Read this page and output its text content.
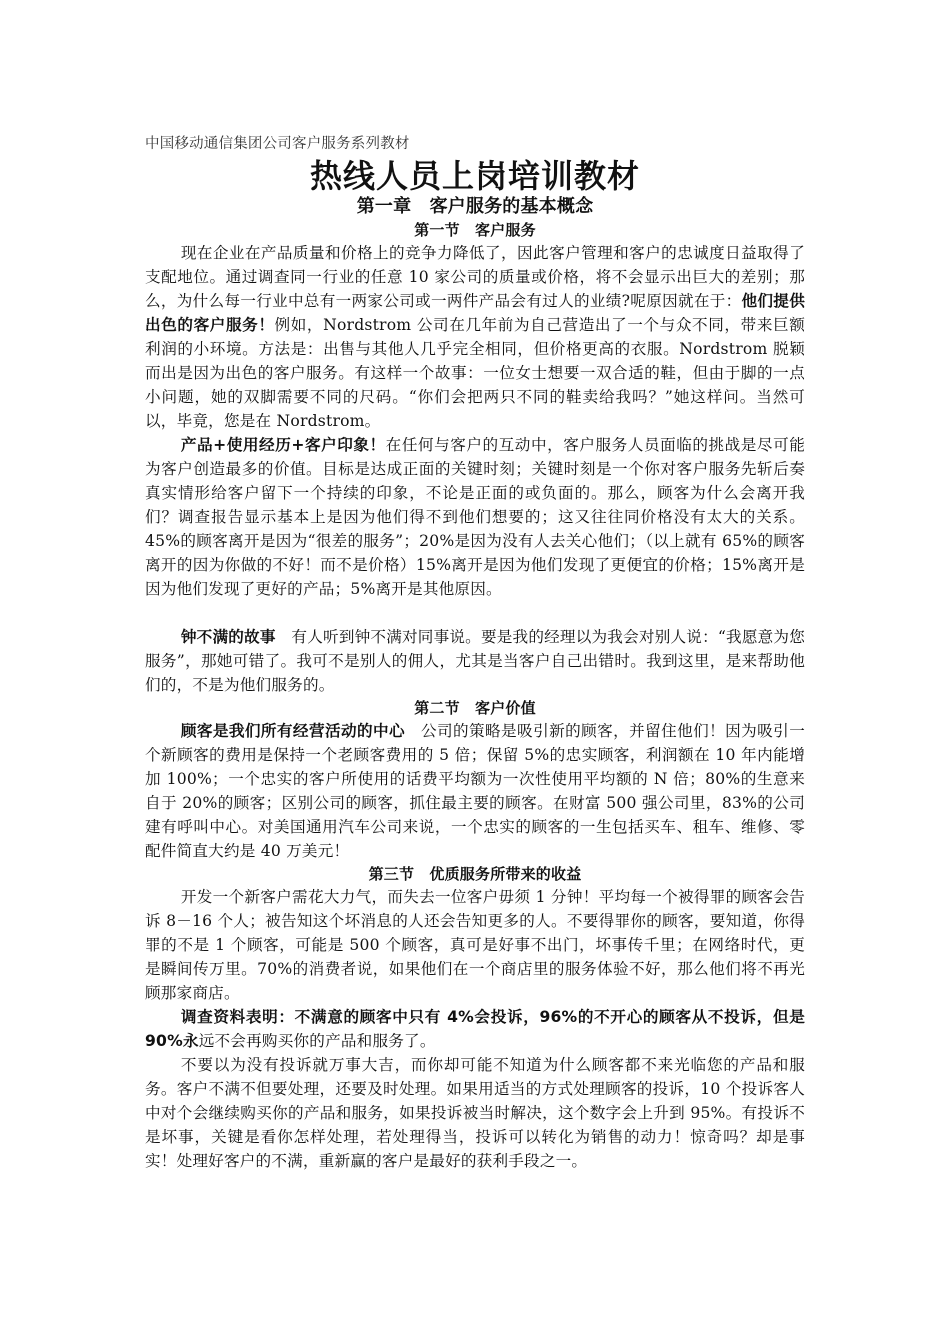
中国移动通信集团公司客户服务系列教材
热线人员上岗培训教材
第一章　客户服务的基本概念
第一节　客户服务

现在企业在产品质量和价格上的竞争力降低了，因此客户管理和客户的忠诚度日益取得了支配地位。通过调查同一行业的任意 10 家公司的质量或价格，将不会显示出巨大的差别；那么，为什么每一行业中总有一两家公司或一两件产品会有过人的业绩?呢原因就在于：他们提供出色的客户服务！例如，Nordstrom 公司在几年前为自己营造出了一个与众不同，带来巨额利润的小环境。方法是：出售与其他人几乎完全相同，但价格更高的衣服。Nordstrom 脱颖而出是因为出色的客户服务。有这样一个故事：一位女士想要一双合适的鞋，但由于脚的一点小问题，她的双脚需要不同的尺码。“你们会把两只不同的鞋卖给我吗？”她这样问。当然可以，毕竟，您是在 Nordstrom。

产品+使用经历+客户印象！在任何与客户的互动中，客户服务人员面临的挑战是尽可能为客户创造最多的价值。目标是达成正面的关键时刻；关键时刻是一个你对客户服务先斩后奏真实情形给客户留下一个持续的印象，不论是正面的或负面的。那么，顾客为什么会离开我们？调查报告显示基本上是因为他们得不到他们想要的；这又往往同价格没有太大的关系。45%的顾客离开是因为“很差的服务”；20%是因为没有人去关心他们；（以上就有 65%的顾客离开的因为你做的不好！而不是价格）15%离开是因为他们发现了更便宜的价格；15%离开是因为他们发现了更好的产品；5%离开是其他原因。

钟不满的故事　有人听到钟不满对同事说。要是我的经理以为我会对别人说：“我愿意为您服务”，那她可错了。我可不是别人的佣人，尤其是当客户自己出错时。我到这里，是来帮助他们的，不是为他们服务的。

第二节　客户价值

顾客是我们所有经营活动的中心　公司的策略是吸引新的顾客，并留住他们！因为吸引一个新顾客的费用是保持一个老顾客费用的 5 倍；保留 5%的忠实顾客，利润额在 10 年内能增加 100%；一个忠实的客户所使用的话费平均额为一次性使用平均额的 N 倍；80%的生意来自于 20%的顾客；区别公司的顾客，抓住最主要的顾客。在财富 500 强公司里，83%的公司建有呼叫中心。对美国通用汽车公司来说，一个忠实的顾客的一生包括买车、租车、维修、零配件简直大约是 40 万美元！

第三节　优质服务所带来的收益

开发一个新客户需花大力气，而失去一位客户毋须 1 分钟！平均每一个被得罪的顾客会告诉 8－16 个人；被告知这个坏消息的人还会告知更多的人。不要得罪你的顾客，要知道，你得罪的不是 1 个顾客，可能是 500 个顾客，真可是好事不出门，坏事传千里；在网络时代，更是瞬间传万里。70%的消费者说，如果他们在一个商店里的服务体验不好，那么他们将不再光顾那家商店。

调查资料表明：不满意的顾客中只有 4%会投诉，96%的不开心的顾客从不投诉，但是 90%永远不会再购买你的产品和服务了。

不要以为没有投诉就万事大吉，而你却可能不知道为什么顾客都不来光临您的产品和服务。客户不满不但要处理，还要及时处理。如果用适当的方式处理顾客的投诉，10 个投诉客人中对个会继续购买你的产品和服务，如果投诉被当时解决，这个数字会上升到 95%。有投诉不是坏事，关键是看你怎样处理，若处理得当，投诉可以转化为销售的动力！惊奇吗？却是事实！处理好客户的不满，重新赢的客户是最好的获利手段之一。
